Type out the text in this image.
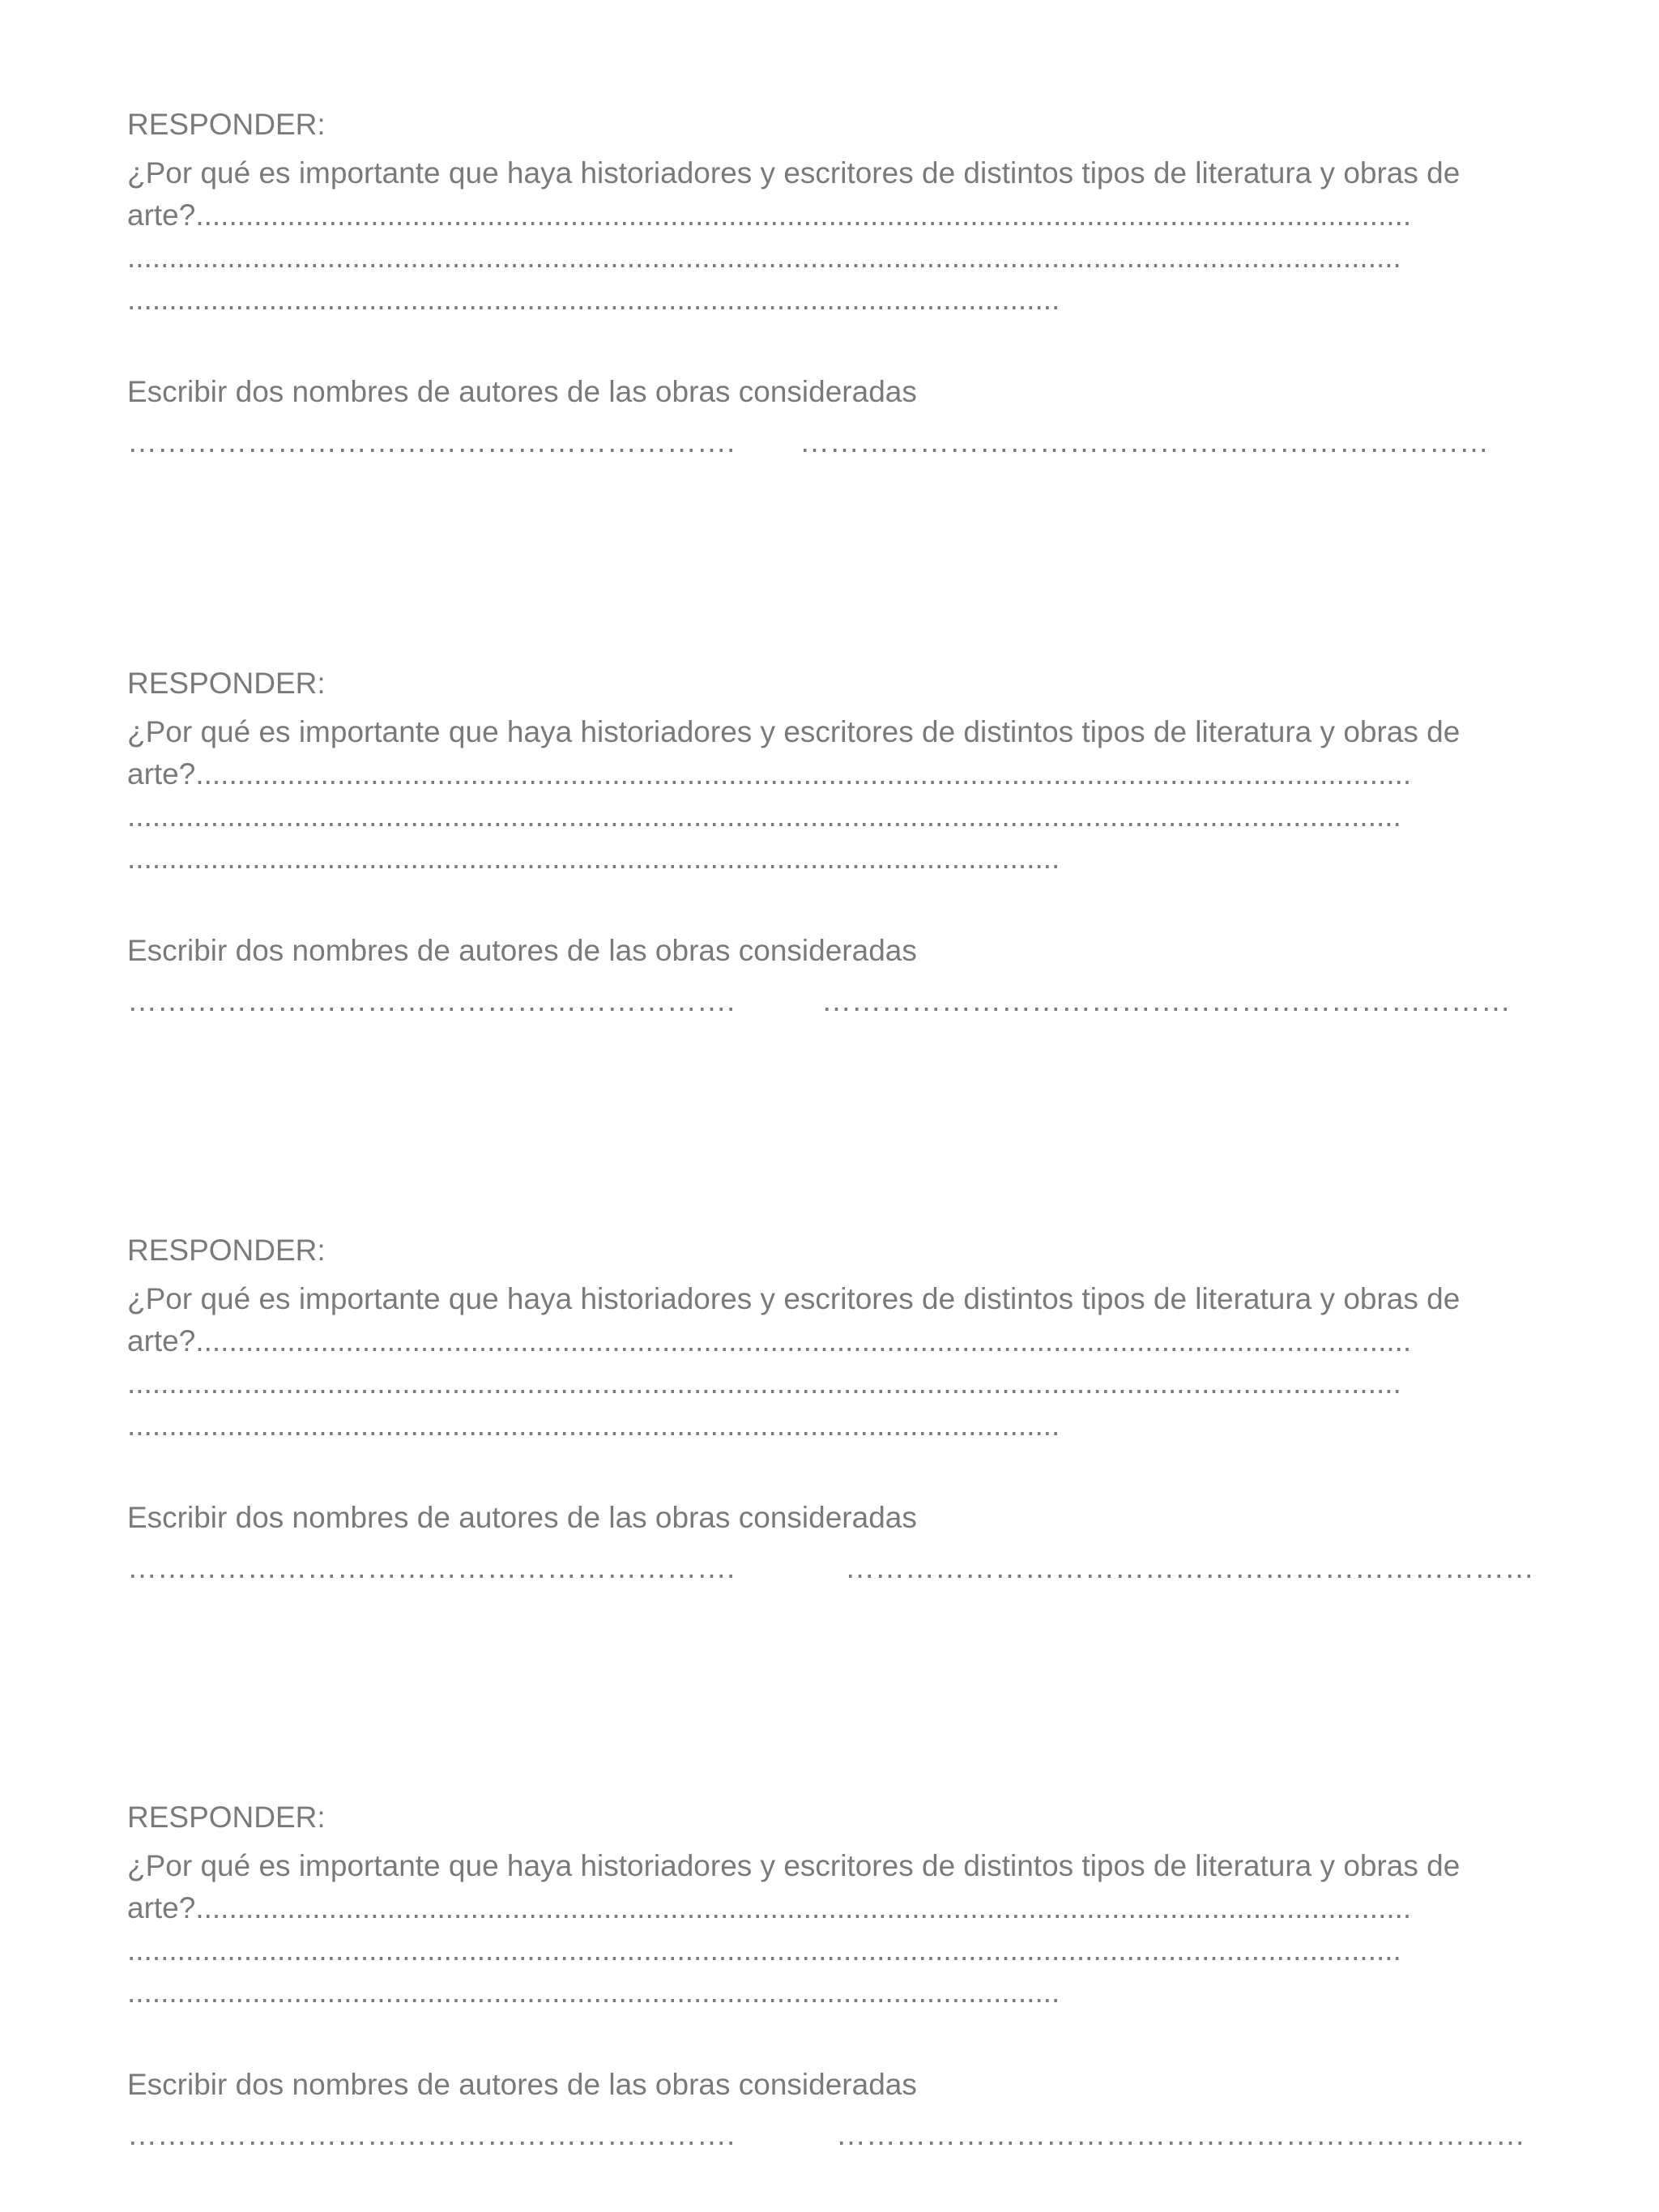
RESPONDER:
¿Por qué es importante que haya historiadores y escritores de distintos tipos de literatura y obras de
arte?..................................................................................................................................................
.........................................................................................................................................................
................................................................................................................
Escribir dos nombres de autores de las obras consideradas
……………………………………………………. ……………………………………………………………
RESPONDER:
¿Por qué es importante que haya historiadores y escritores de distintos tipos de literatura y obras de
arte?..................................................................................................................................................
.........................................................................................................................................................
................................................................................................................
Escribir dos nombres de autores de las obras consideradas
…………………………………………………….	……………………………………………………………
RESPONDER:
¿Por qué es importante que haya historiadores y escritores de distintos tipos de literatura y obras de
arte?..................................................................................................................................................
.........................................................................................................................................................
................................................................................................................
Escribir dos nombres de autores de las obras consideradas
…………………………………………………….	……………………………………………………………
RESPONDER:
¿Por qué es importante que haya historiadores y escritores de distintos tipos de literatura y obras de
arte?..................................................................................................................................................
.........................................................................................................................................................
................................................................................................................
Escribir dos nombres de autores de las obras consideradas
…………………………………………………….	……………………………………………………………
